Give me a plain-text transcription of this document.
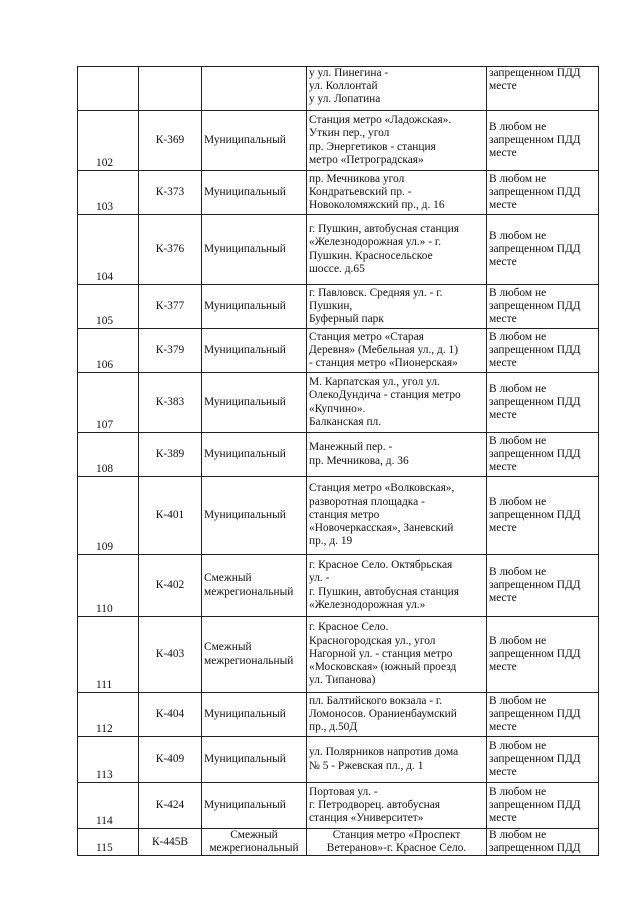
			у ул. Пинегина -
ул. Коллонтай
у ул. Лопатина	запрещенном ПДД
месте

102	К-369	Муниципальный	Станция метро «Ладожская».
Уткин пер., угол
пр. Энергетиков - станция
метро «Петроградская»	В любом не
запрещенном ПДД
месте

103	К-373	Муниципальный	пр. Мечникова угол
Кондратьевский пр. -
Новоколомяжский пр., д. 16	В любом не
запрещенном ПДД
месте

104	К-376	Муниципальный	г. Пушкин, автобусная станция
«Железнодорожная ул.» - г.
Пушкин. Красносельское
шоссе. д.65	В любом не
запрещенном ПДД
месте

105	К-377	Муниципальный	г. Павловск. Средняя ул. - г.
Пушкин,
Буферный парк	В любом не
запрещенном ПДД
месте

106	К-379	Муниципальный	Станция метро «Старая
Деревня» (Мебельная ул., д. 1)
- станция метро «Пионерская»	В любом не
запрещенном ПДД
месте

107	К-383	Муниципальный	М. Карпатская ул., угол ул.
ОлекоДундича - станция метро
«Купчино».
Балканская пл.	В любом не
запрещенном ПДД
месте

108	К-389	Муниципальный	Манежный пер. -
пр. Мечникова, д. 36	В любом не
запрещенном ПДД
месте

109	К-401	Муниципальный	Станция метро «Волковская»,
разворотная площадка -
станция метро
«Новочеркасская», Заневский
пр., д. 19	В любом не
запрещенном ПДД
месте

110	К-402	Смежный
межрегиональный	г. Красное Село. Октябрьская
ул. -
г. Пушкин, автобусная станция
«Железнодорожная ул.»	В любом не
запрещенном ПДД
месте

111	К-403	Смежный
межрегиональный	г. Красное Село.
Красногородская ул., угол
Нагорной ул. - станция метро
«Московская» (южный проезд
ул. Типанова)	В любом не
запрещенном ПДД
месте

112	К-404	Муниципальный	пл. Балтийского вокзала - г.
Ломоносов. Ораниенбаумский
пр., д.50Д	В любом не
запрещенном ПДД
месте

113	К-409	Муниципальный	ул. Полярников напротив дома
№ 5 - Ржевская пл., д. 1	В любом не
запрещенном ПДД
месте

114	К-424	Муниципальный	Портовая ул. -
г. Петродворец. автобусная
станция «Университет»	В любом не
запрещенном ПДД
месте

115	К-445В	Смежный
межрегиональный	Станция метро «Проспект
Ветеранов»-г. Красное Село.	В любом не
запрещенном ПДД
